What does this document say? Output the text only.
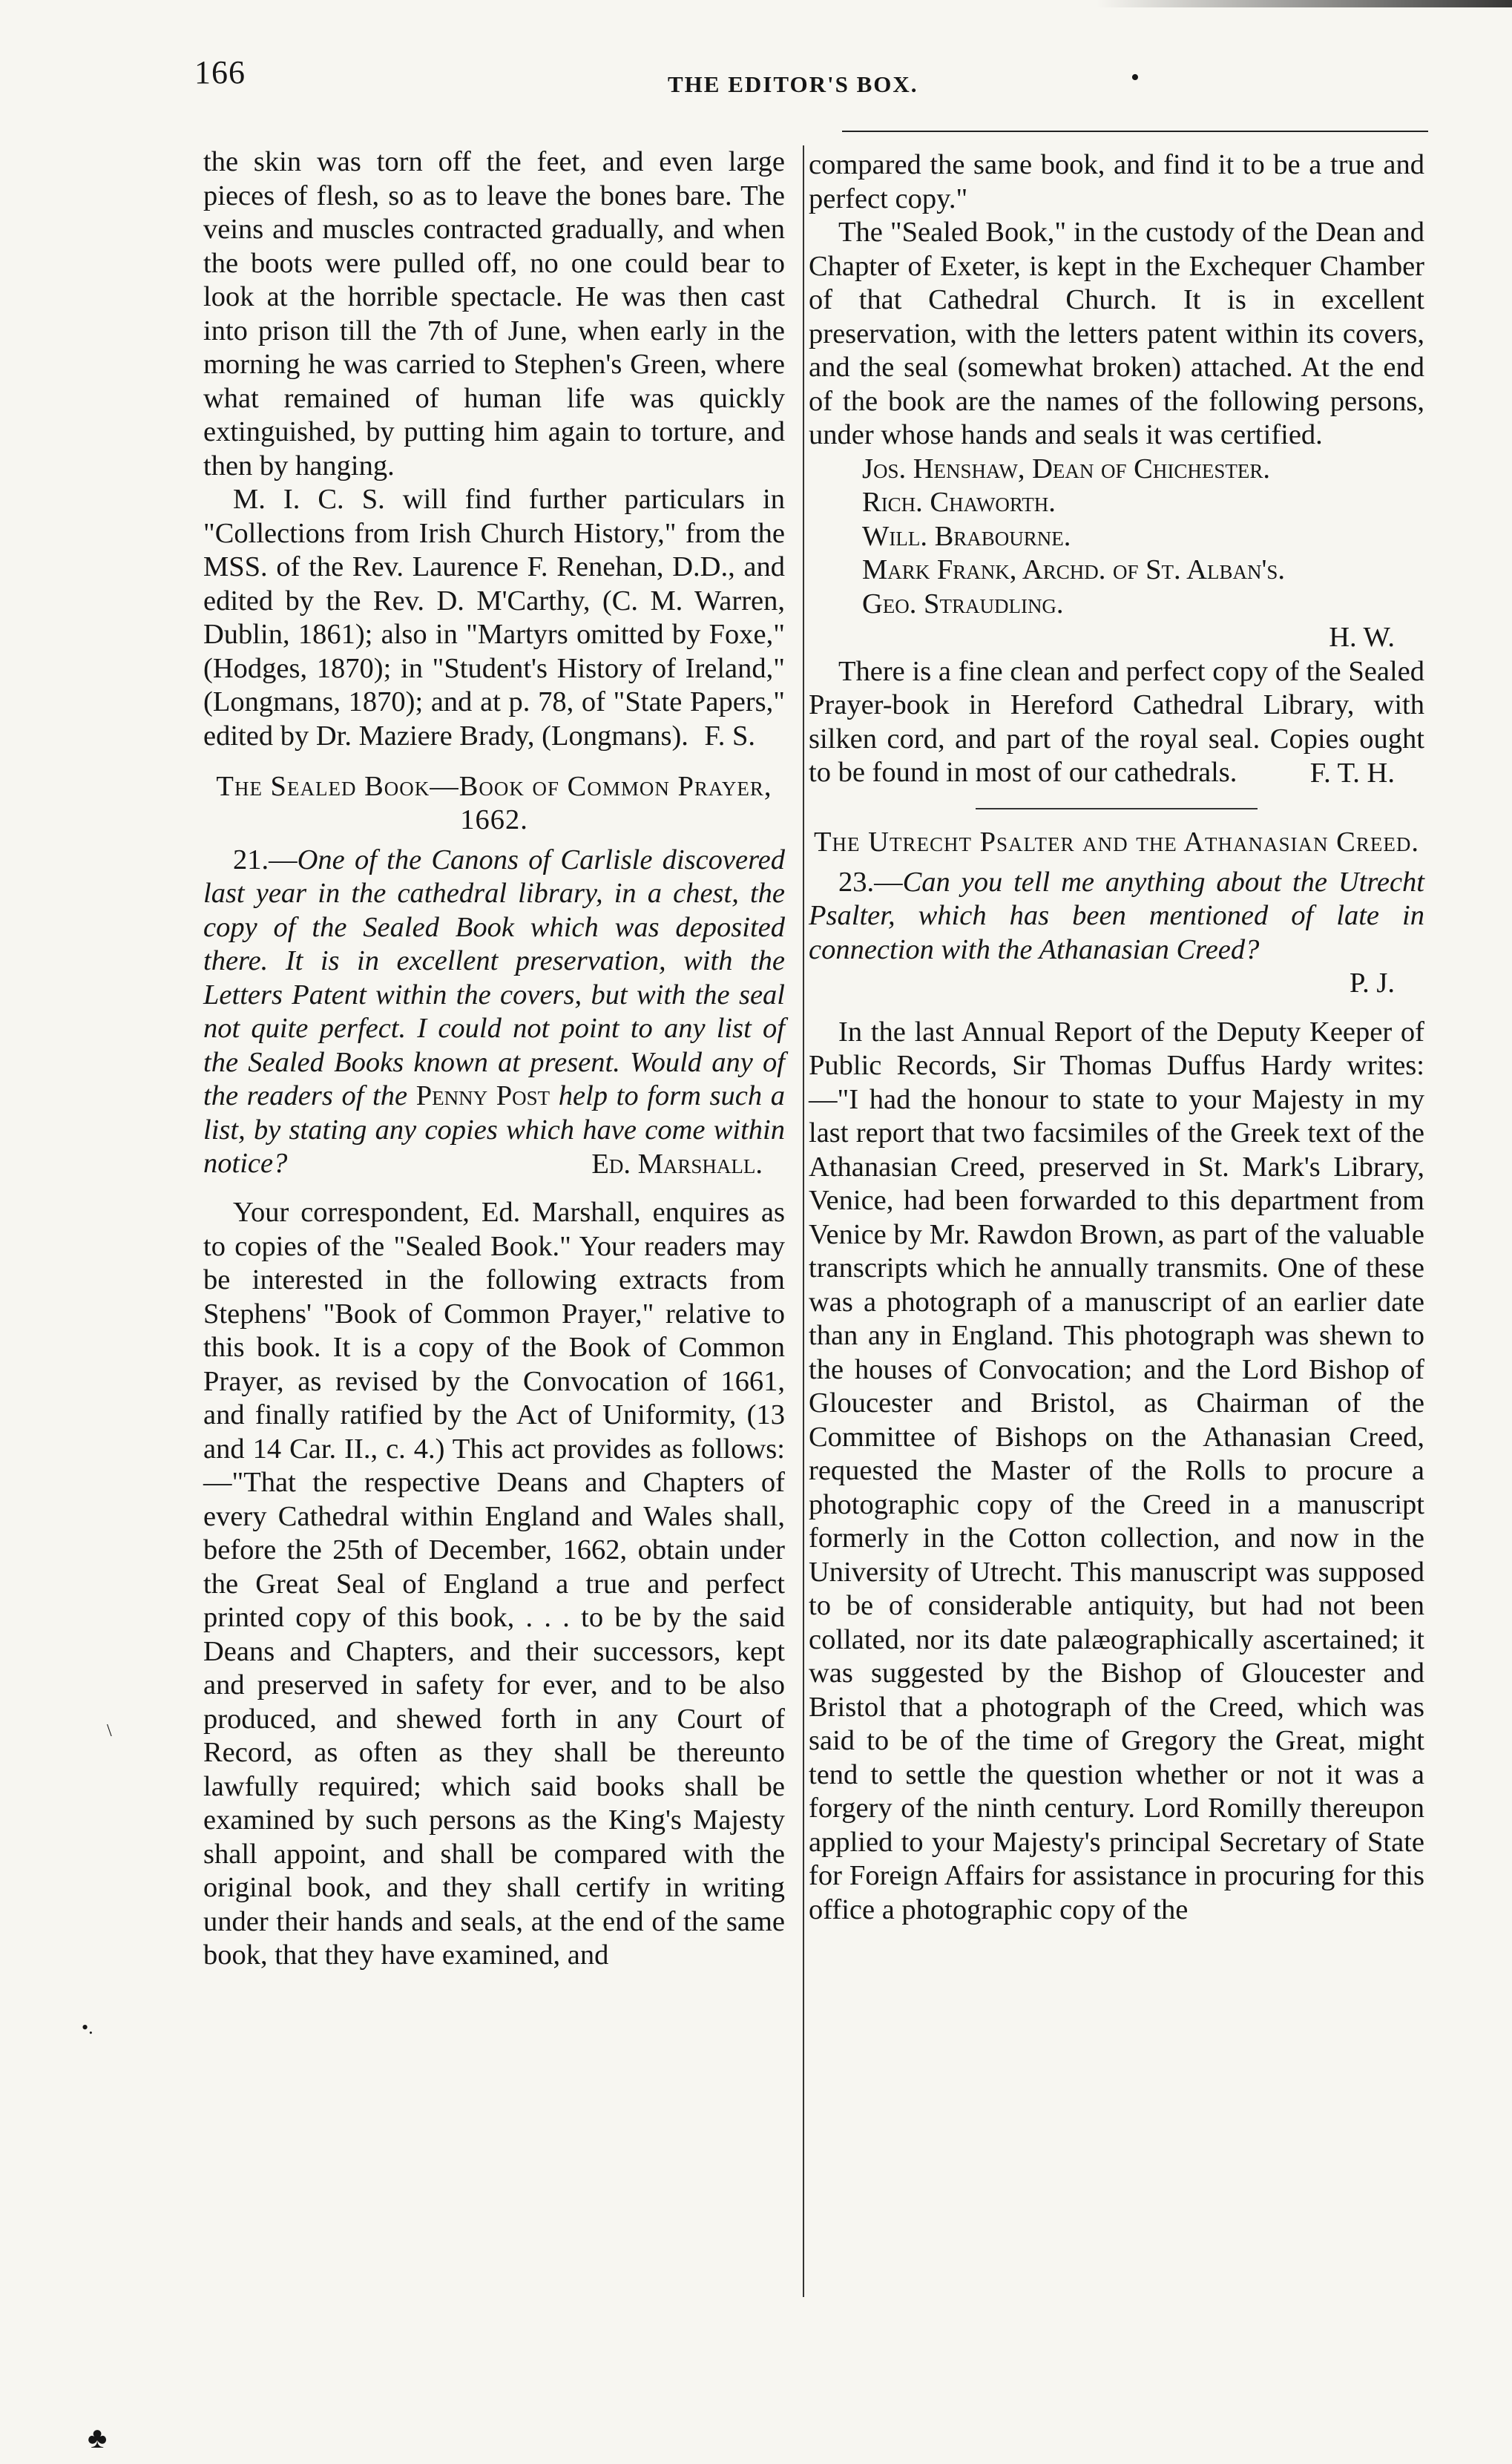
166	THE EDITOR'S BOX.	•
\
•.
♣

the skin was torn off the feet, and even large pieces of flesh, so as to leave the bones bare. The veins and muscles contracted gradually, and when the boots were pulled off, no one could bear to look at the horrible spectacle. He was then cast into prison till the 7th of June, when early in the morning he was carried to Stephen's Green, where what remained of human life was quickly extinguished, by putting him again to torture, and then by hanging.

M. I. C. S. will find further particulars in "Collections from Irish Church History," from the MSS. of the Rev. Laurence F. Renehan, D.D., and edited by the Rev. D. M'Carthy, (C. M. Warren, Dublin, 1861); also in "Martyrs omitted by Foxe," (Hodges, 1870); in "Student's History of Ireland," (Longmans, 1870); and at p. 78, of "State Papers," edited by Dr. Maziere Brady, (Longmans). F. S.
The Sealed Book—Book of Common Prayer, 1662.

21.—One of the Canons of Carlisle discovered last year in the cathedral library, in a chest, the copy of the Sealed Book which was deposited there. It is in excellent preservation, with the Letters Patent within the covers, but with the seal not quite perfect. I could not point to any list of the Sealed Books known at present. Would any of the readers of the Penny Post help to form such a list, by stating any copies which have come within notice?	Ed. Marshall.

Your correspondent, Ed. Marshall, enquires as to copies of the "Sealed Book." Your readers may be interested in the following extracts from Stephens' "Book of Common Prayer," relative to this book. It is a copy of the Book of Common Prayer, as revised by the Convocation of 1661, and finally ratified by the Act of Uniformity, (13 and 14 Car. II., c. 4.) This act provides as follows:—"That the respective Deans and Chapters of every Cathedral within England and Wales shall, before the 25th of December, 1662, obtain under the Great Seal of England a true and perfect printed copy of this book, . . . to be by the said Deans and Chapters, and their successors, kept and preserved in safety for ever, and to be also produced, and shewed forth in any Court of Record, as often as they shall be thereunto lawfully required; which said books shall be examined by such persons as the King's Majesty shall appoint, and shall be compared with the original book, and they shall certify in writing under their hands and seals, at the end of the same book, that they have examined, and

compared the same book, and find it to be a true and perfect copy."

The "Sealed Book," in the custody of the Dean and Chapter of Exeter, is kept in the Exchequer Chamber of that Cathedral Church. It is in excellent preservation, with the letters patent within its covers, and the seal (somewhat broken) attached. At the end of the book are the names of the following persons, under whose hands and seals it was certified.

Jos. Henshaw, Dean of Chichester.
Rich. Chaworth.
Will. Brabourne.
Mark Frank, Archd. of St. Alban's.
Geo. Straudling.
H. W.

There is a fine clean and perfect copy of the Sealed Prayer-book in Hereford Cathedral Library, with silken cord, and part of the royal seal. Copies ought to be found in most of our cathedrals.	F. T. H.
The Utrecht Psalter and the Athanasian Creed.

23.—Can you tell me anything about the Utrecht Psalter, which has been mentioned of late in connection with the Athanasian Creed?

P. J.

In the last Annual Report of the Deputy Keeper of Public Records, Sir Thomas Duffus Hardy writes:—"I had the honour to state to your Majesty in my last report that two facsimiles of the Greek text of the Athanasian Creed, preserved in St. Mark's Library, Venice, had been forwarded to this department from Venice by Mr. Rawdon Brown, as part of the valuable transcripts which he annually transmits. One of these was a photograph of a manuscript of an earlier date than any in England. This photograph was shewn to the houses of Convocation; and the Lord Bishop of Gloucester and Bristol, as Chairman of the Committee of Bishops on the Athanasian Creed, requested the Master of the Rolls to procure a photographic copy of the Creed in a manuscript formerly in the Cotton collection, and now in the University of Utrecht. This manuscript was supposed to be of considerable antiquity, but had not been collated, nor its date palæographically ascertained; it was suggested by the Bishop of Gloucester and Bristol that a photograph of the Creed, which was said to be of the time of Gregory the Great, might tend to settle the question whether or not it was a forgery of the ninth century. Lord Romilly thereupon applied to your Majesty's principal Secretary of State for Foreign Affairs for assistance in procuring for this office a photographic copy of the
